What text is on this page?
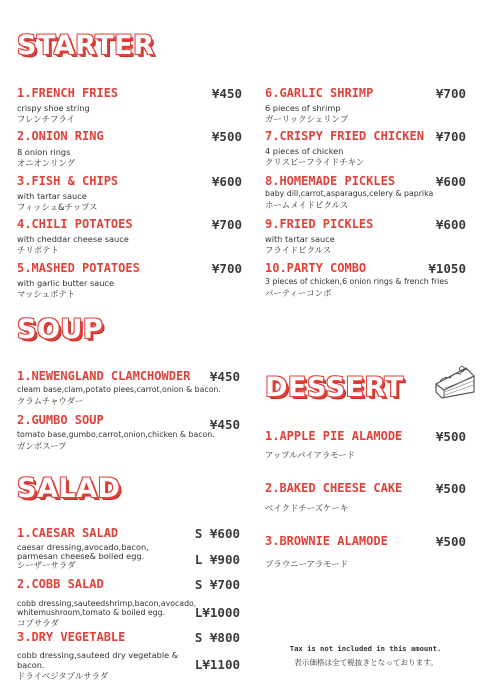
STARTER
SOUP
SALAD
DESSERT
1.FRENCH FRIES	¥450
crispy shoe string
フレンチフライ
2.ONION RING	¥500
8 onion rings
オニオンリング
3.FISH & CHIPS	¥600
with tartar sauce
フィッシュ&チップス
4.CHILI POTATOES	¥700
with cheddar cheese sauce
チリポテト
5.MASHED POTATOES	¥700
with garlic butter sauce
マッシュポテト
6.GARLIC SHRIMP	¥700
6 pieces of shrimp
ガーリックシュリンプ
7.CRISPY FRIED CHICKEN ¥700
4 pieces of chicken
クリスピーフライドチキン
8.HOMEMADE PICKLES	¥600
baby dill,carrot,asparagus,celery & paprika
ホームメイドピクルス
9.FRIED PICKLES	¥600
with tartar sauce
フライドピクルス
10.PARTY COMBO	¥1050
3 pieces of chicken,6 onion rings & french fries
パーティーコンボ
1.NEWENGLAND CLAMCHOWDER ¥450
cleam base,clam,potato piees,carrot,onion & bacon.
クラムチャウダー
2.GUMBO SOUP	¥450
tomato base,gumbo,carrot,onion,chicken & bacon.
ガンボスープ
1.CAESAR SALAD	S ¥600
L ¥900
caesar dressing,avocado,bacon,
parmesan cheese& boiled egg.
シーザーサラダ
2.COBB SALAD	S ¥700
L¥1000
cobb dressing,sauteedshrimp,bacon,avocado,
whitemushroom,tomato & boiled egg.
コブサラダ
3.DRY VEGETABLE	S ¥800
L¥1100
cobb dressing,sauteed dry vegetable &
bacon.
ドライベジタブルサラダ
1.APPLE PIE ALAMODE	¥500
アップルパイアラモード
2.BAKED CHEESE CAKE	¥500
ベイクドチーズケーキ
3.BROWNIE ALAMODE	¥500
ブラウニーアラモード
Tax is not included in this amount.
表示価格は全て税抜きとなっております。
